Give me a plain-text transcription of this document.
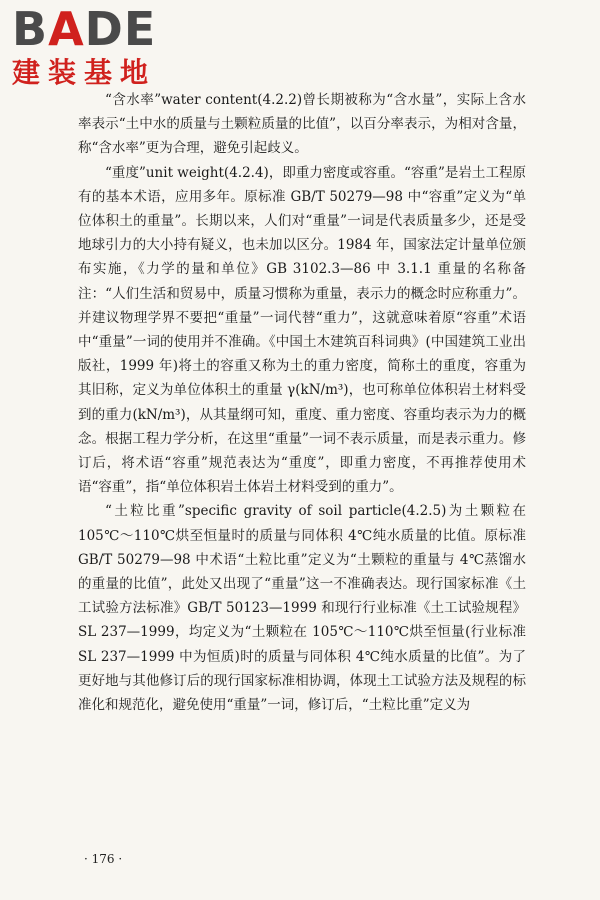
BADE
建装基地

“含水率”water content(4.2.2)曾长期被称为“含水量”，实际上含水率表示“土中水的质量与土颗粒质量的比值”，以百分率表示，为相对含量，称“含水率”更为合理，避免引起歧义。

“重度”unit weight(4.2.4)，即重力密度或容重。“容重”是岩土工程原有的基本术语，应用多年。原标准 GB/T 50279—98 中“容重”定义为“单位体积土的重量”。长期以来，人们对“重量”一词是代表质量多少，还是受地球引力的大小持有疑义，也未加以区分。1984 年，国家法定计量单位颁布实施，《力学的量和单位》GB 3102.3—86 中 3.1.1 重量的名称备注：“人们生活和贸易中，质量习惯称为重量，表示力的概念时应称重力”。并建议物理学界不要把“重量”一词代替“重力”，这就意味着原“容重”术语中“重量”一词的使用并不准确。《中国土木建筑百科词典》(中国建筑工业出版社，1999 年)将土的容重又称为土的重力密度，简称土的重度，容重为其旧称，定义为单位体积土的重量 γ(kN/m³)，也可称单位体积岩土材料受到的重力(kN/m³)，从其量纲可知，重度、重力密度、容重均表示为力的概念。根据工程力学分析，在这里“重量”一词不表示质量，而是表示重力。修订后，将术语“容重”规范表达为“重度”，即重力密度，不再推荐使用术语“容重”，指“单位体积岩土体岩土材料受到的重力”。

“土粒比重”specific gravity of soil particle(4.2.5)为土颗粒在 105℃～110℃烘至恒量时的质量与同体积 4℃纯水质量的比值。原标准 GB/T 50279—98 中术语“土粒比重”定义为“土颗粒的重量与 4℃蒸馏水的重量的比值”，此处又出现了“重量”这一不准确表达。现行国家标准《土工试验方法标准》GB/T 50123—1999 和现行行业标准《土工试验规程》SL 237—1999，均定义为“土颗粒在 105℃～110℃烘至恒量(行业标准 SL 237—1999 中为恒质)时的质量与同体积 4℃纯水质量的比值”。为了更好地与其他修订后的现行国家标准相协调，体现土工试验方法及规程的标准化和规范化，避免使用“重量”一词，修订后，“土粒比重”定义为

· 176 ·
